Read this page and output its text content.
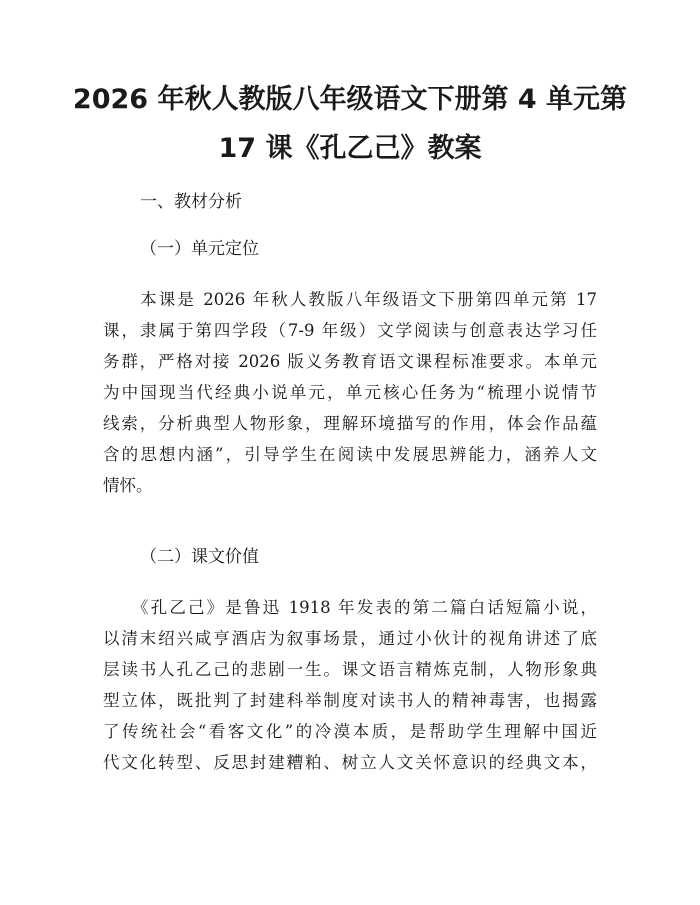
2026 年秋人教版八年级语文下册第 4 单元第
17 课《孔乙己》教案
一、教材分析
（一）单元定位
　　本课是 2026 年秋人教版八年级语文下册第四单元第 17
课，隶属于第四学段（7-9 年级）文学阅读与创意表达学习任
务群，严格对接 2026 版义务教育语文课程标准要求。本单元
为中国现当代经典小说单元，单元核心任务为“梳理小说情节
线索，分析典型人物形象，理解环境描写的作用，体会作品蕴
含的思想内涵”，引导学生在阅读中发展思辨能力，涵养人文
情怀。
（二）课文价值
　　《孔乙己》是鲁迅 1918 年发表的第二篇白话短篇小说，
以清末绍兴咸亨酒店为叙事场景，通过小伙计的视角讲述了底
层读书人孔乙己的悲剧一生。课文语言精炼克制，人物形象典
型立体，既批判了封建科举制度对读书人的精神毒害，也揭露
了传统社会“看客文化”的冷漠本质，是帮助学生理解中国近
代文化转型、反思封建糟粕、树立人文关怀意识的经典文本，
